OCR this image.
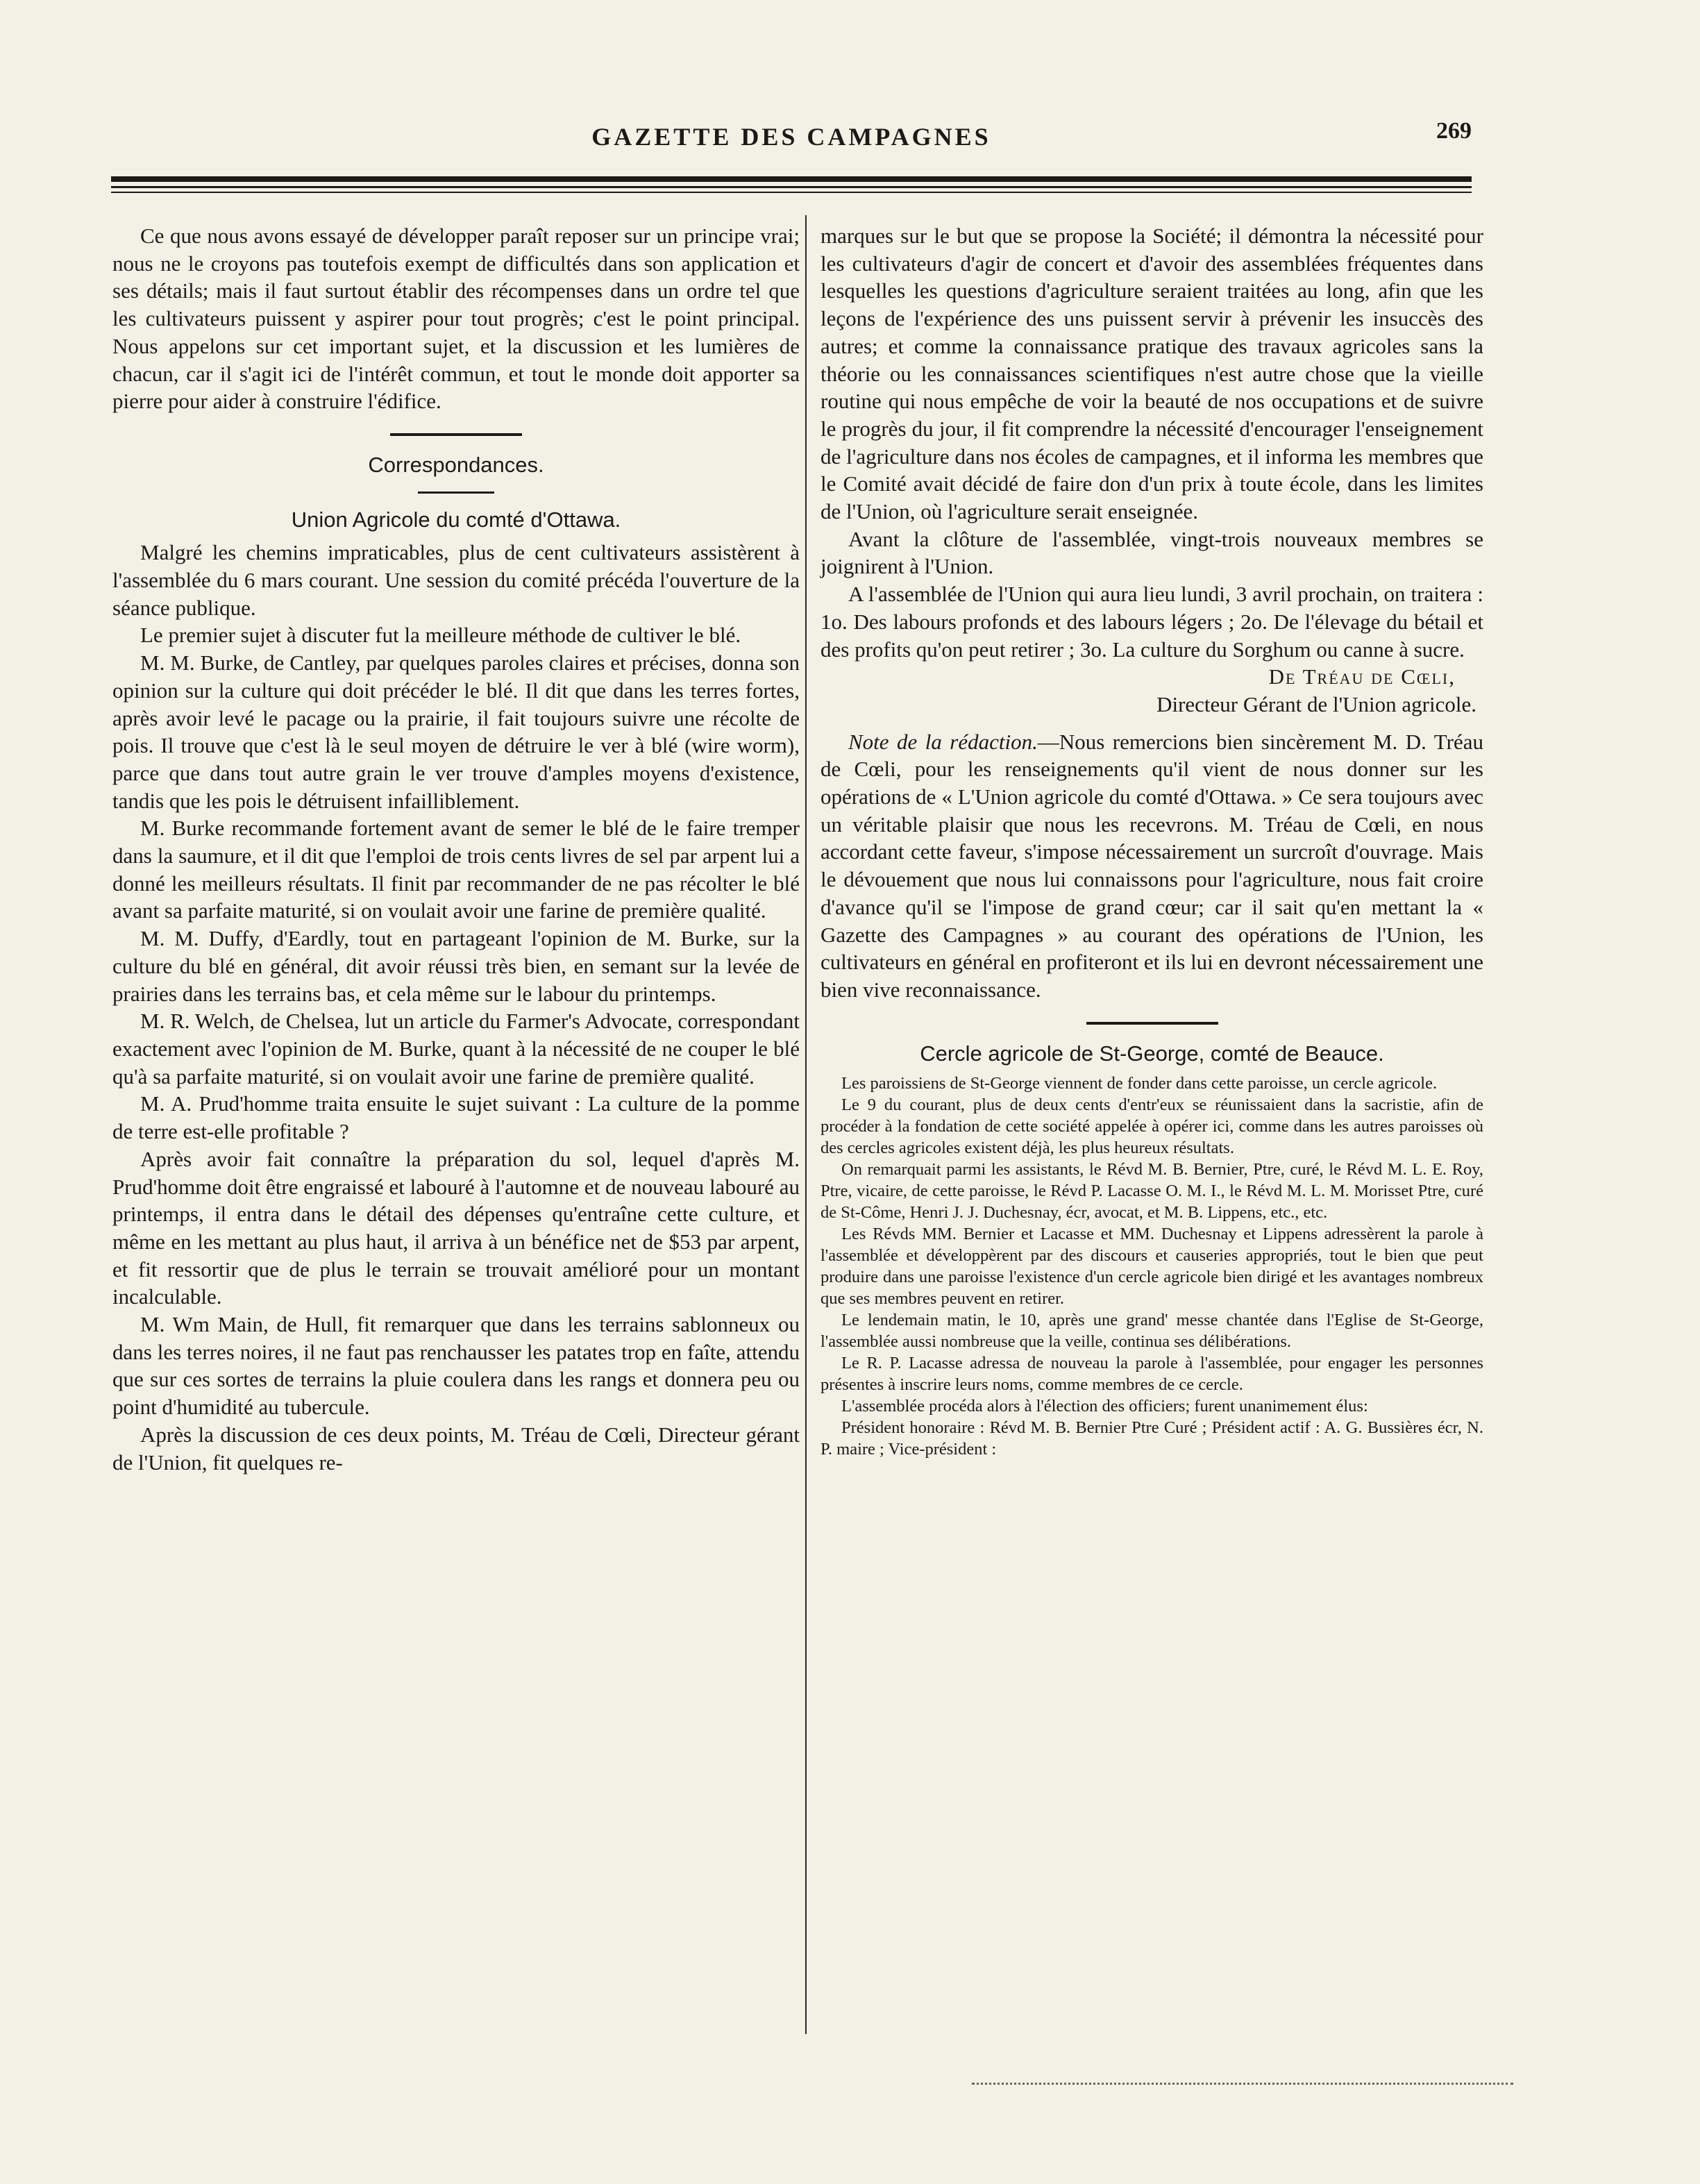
GAZETTE DES CAMPAGNES	269

Ce que nous avons essayé de développer paraît reposer sur un principe vrai; nous ne le croyons pas toutefois exempt de difficultés dans son application et ses détails; mais il faut surtout établir des récompenses dans un ordre tel que les cultivateurs puissent y aspirer pour tout progrès; c'est le point principal. Nous appelons sur cet important sujet, et la discussion et les lumières de chacun, car il s'agit ici de l'intérêt commun, et tout le monde doit apporter sa pierre pour aider à construire l'édifice.

Correspondances.
Union Agricole du comté d'Ottawa.

Malgré les chemins impraticables, plus de cent cultivateurs assistèrent à l'assemblée du 6 mars courant. Une session du comité précéda l'ouverture de la séance publique.

Le premier sujet à discuter fut la meilleure méthode de cultiver le blé.

M. M. Burke, de Cantley, par quelques paroles claires et précises, donna son opinion sur la culture qui doit précéder le blé. Il dit que dans les terres fortes, après avoir levé le pacage ou la prairie, il fait toujours suivre une récolte de pois. Il trouve que c'est là le seul moyen de détruire le ver à blé (wire worm), parce que dans tout autre grain le ver trouve d'amples moyens d'existence, tandis que les pois le détruisent infailliblement.

M. Burke recommande fortement avant de semer le blé de le faire tremper dans la saumure, et il dit que l'emploi de trois cents livres de sel par arpent lui a donné les meilleurs résultats. Il finit par recommander de ne pas récolter le blé avant sa parfaite maturité, si on voulait avoir une farine de première qualité.

M. M. Duffy, d'Eardly, tout en partageant l'opinion de M. Burke, sur la culture du blé en général, dit avoir réussi très bien, en semant sur la levée de prairies dans les terrains bas, et cela même sur le labour du printemps.

M. R. Welch, de Chelsea, lut un article du Farmer's Advocate, correspondant exactement avec l'opinion de M. Burke, quant à la nécessité de ne couper le blé qu'à sa parfaite maturité, si on voulait avoir une farine de première qualité.

M. A. Prud'homme traita ensuite le sujet suivant : La culture de la pomme de terre est-elle profitable ?

Après avoir fait connaître la préparation du sol, lequel d'après M. Prud'homme doit être engraissé et labouré à l'automne et de nouveau labouré au printemps, il entra dans le détail des dépenses qu'entraîne cette culture, et même en les mettant au plus haut, il arriva à un bénéfice net de $53 par arpent, et fit ressortir que de plus le terrain se trouvait amélioré pour un montant incalculable.

M. Wm Main, de Hull, fit remarquer que dans les terrains sablonneux ou dans les terres noires, il ne faut pas renchausser les patates trop en faîte, attendu que sur ces sortes de terrains la pluie coulera dans les rangs et donnera peu ou point d'humidité au tubercule.

Après la discussion de ces deux points, M. Tréau de Cœli, Directeur gérant de l'Union, fit quelques re-

marques sur le but que se propose la Société; il démontra la nécessité pour les cultivateurs d'agir de concert et d'avoir des assemblées fréquentes dans lesquelles les questions d'agriculture seraient traitées au long, afin que les leçons de l'expérience des uns puissent servir à prévenir les insuccès des autres; et comme la connaissance pratique des travaux agricoles sans la théorie ou les connaissances scientifiques n'est autre chose que la vieille routine qui nous empêche de voir la beauté de nos occupations et de suivre le progrès du jour, il fit comprendre la nécessité d'encourager l'enseignement de l'agriculture dans nos écoles de campagnes, et il informa les membres que le Comité avait décidé de faire don d'un prix à toute école, dans les limites de l'Union, où l'agriculture serait enseignée.

Avant la clôture de l'assemblée, vingt-trois nouveaux membres se joignirent à l'Union.

A l'assemblée de l'Union qui aura lieu lundi, 3 avril prochain, on traitera : 1o. Des labours profonds et des labours légers ; 2o. De l'élevage du bétail et des profits qu'on peut retirer ; 3o. La culture du Sorghum ou canne à sucre.

De Tréau de Cœli,
Directeur Gérant de l'Union agricole.

Note de la rédaction.—Nous remercions bien sincèrement M. D. Tréau de Cœli, pour les renseignements qu'il vient de nous donner sur les opérations de « L'Union agricole du comté d'Ottawa. » Ce sera toujours avec un véritable plaisir que nous les recevrons. M. Tréau de Cœli, en nous accordant cette faveur, s'impose nécessairement un surcroît d'ouvrage. Mais le dévouement que nous lui connaissons pour l'agriculture, nous fait croire d'avance qu'il se l'impose de grand cœur; car il sait qu'en mettant la « Gazette des Campagnes » au courant des opérations de l'Union, les cultivateurs en général en profiteront et ils lui en devront nécessairement une bien vive reconnaissance.

Cercle agricole de St-George, comté de Beauce.

Les paroissiens de St-George viennent de fonder dans cette paroisse, un cercle agricole.

Le 9 du courant, plus de deux cents d'entr'eux se réunissaient dans la sacristie, afin de procéder à la fondation de cette société appelée à opérer ici, comme dans les autres paroisses où des cercles agricoles existent déjà, les plus heureux résultats.

On remarquait parmi les assistants, le Révd M. B. Bernier, Ptre, curé, le Révd M. L. E. Roy, Ptre, vicaire, de cette paroisse, le Révd P. Lacasse O. M. I., le Révd M. L. M. Morisset Ptre, curé de St-Côme, Henri J. J. Duchesnay, écr, avocat, et M. B. Lippens, etc., etc.

Les Révds MM. Bernier et Lacasse et MM. Duchesnay et Lippens adressèrent la parole à l'assemblée et développèrent par des discours et causeries appropriés, tout le bien que peut produire dans une paroisse l'existence d'un cercle agricole bien dirigé et les avantages nombreux que ses membres peuvent en retirer.

Le lendemain matin, le 10, après une grand' messe chantée dans l'Eglise de St-George, l'assemblée aussi nombreuse que la veille, continua ses délibérations.

Le R. P. Lacasse adressa de nouveau la parole à l'assemblée, pour engager les personnes présentes à inscrire leurs noms, comme membres de ce cercle.

L'assemblée procéda alors à l'élection des officiers; furent unanimement élus:

Président honoraire : Révd M. B. Bernier Ptre Curé ; Président actif : A. G. Bussières écr, N. P. maire ; Vice-président :
